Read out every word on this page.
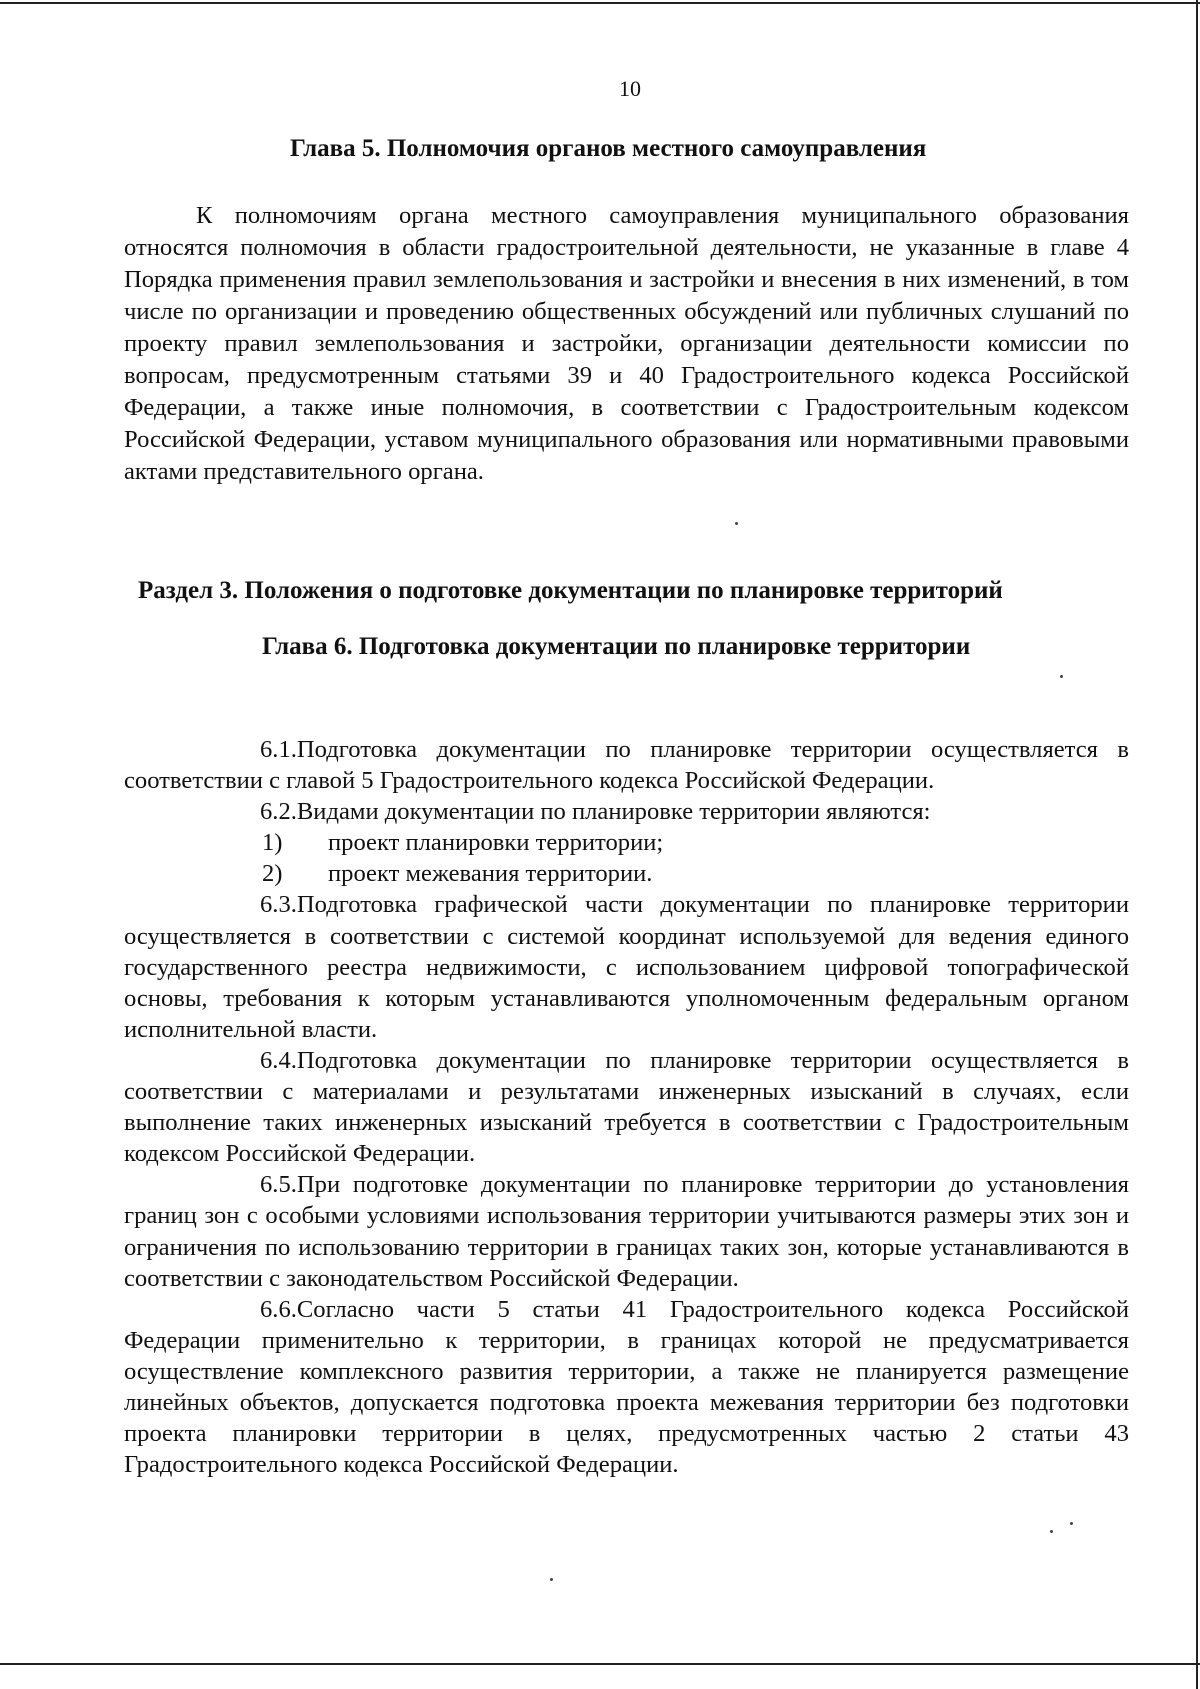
10
Глава 5. Полномочия органов местного самоуправления
К полномочиям органа местного самоуправления муниципального образования относятся полномочия в области градостроительной деятельности, не указанные в главе 4 Порядка применения правил землепользования и застройки и внесения в них изменений, в том числе по организации и проведению общественных обсуждений или публичных слушаний по проекту правил землепользования и застройки, организации деятельности комиссии по вопросам, предусмотренным статьями 39 и 40 Градостроительного кодекса Российской Федерации, а также иные полномочия, в соответствии с Градостроительным кодексом Российской Федерации, уставом муниципального образования или нормативными правовыми актами представительного органа.
Раздел 3. Положения о подготовке документации по планировке территорий
Глава 6. Подготовка документации по планировке территории

6.1.Подготовка документации по планировке территории осуществляется в соответствии с главой 5 Градостроительного кодекса Российской Федерации.

6.2.Видами документации по планировке территории являются:

1) проект планировки территории;

2) проект межевания территории.

6.3.Подготовка графической части документации по планировке территории осуществляется в соответствии с системой координат используемой для ведения единого государственного реестра недвижимости, с использованием цифровой топографической основы, требования к которым устанавливаются уполномоченным федеральным органом исполнительной власти.

6.4.Подготовка документации по планировке территории осуществляется в соответствии с материалами и результатами инженерных изысканий в случаях, если выполнение таких инженерных изысканий требуется в соответствии с Градостроительным кодексом Российской Федерации.

6.5.При подготовке документации по планировке территории до установления границ зон с особыми условиями использования территории учитываются размеры этих зон и ограничения по использованию территории в границах таких зон, которые устанавливаются в соответствии с законодательством Российской Федерации.

6.6.Согласно части 5 статьи 41 Градостроительного кодекса Российской Федерации применительно к территории, в границах которой не предусматривается осуществление комплексного развития территории, а также не планируется размещение линейных объектов, допускается подготовка проекта межевания территории без подготовки проекта планировки территории в целях, предусмотренных частью 2 статьи 43 Градостроительного кодекса Российской Федерации.
